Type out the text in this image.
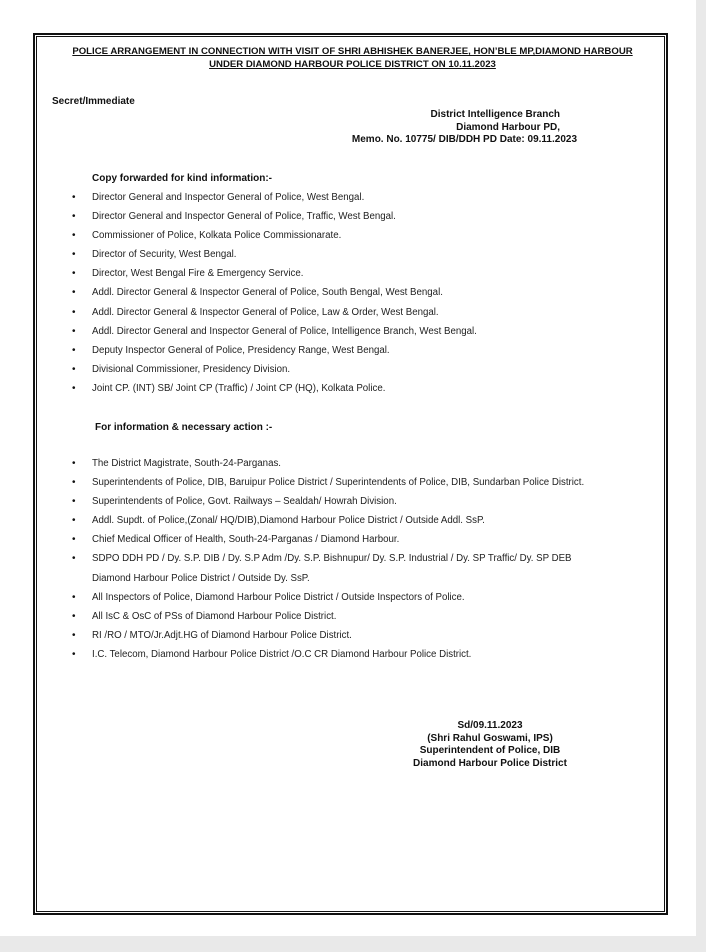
POLICE ARRANGEMENT IN CONNECTION WITH VISIT OF SHRI ABHISHEK BANERJEE, HON’BLE MP,DIAMOND HARBOUR
UNDER DIAMOND HARBOUR POLICE DISTRICT ON 10.11.2023
Secret/Immediate
District Intelligence Branch
Diamond Harbour PD,
Memo. No. 10775/ DIB/DDH PD Date: 09.11.2023
Copy forwarded for kind information:-
• Director General and Inspector General of Police, West Bengal.
• Director General and Inspector General of Police, Traffic, West Bengal.
• Commissioner of Police, Kolkata Police Commissionarate.
• Director of Security, West Bengal.
• Director, West Bengal Fire & Emergency Service.
• Addl. Director General & Inspector General of Police, South Bengal, West Bengal.
• Addl. Director General & Inspector General of Police, Law & Order, West Bengal.
• Addl. Director General and Inspector General of Police, Intelligence Branch, West Bengal.
• Deputy Inspector General of Police, Presidency Range, West Bengal.
• Divisional Commissioner, Presidency Division.
• Joint CP. (INT) SB/ Joint CP (Traffic) / Joint CP (HQ), Kolkata Police.
For information & necessary action :-
• The District Magistrate, South-24-Parganas.
• Superintendents of Police, DIB, Baruipur Police District / Superintendents of Police, DIB, Sundarban Police District.
• Superintendents of Police, Govt. Railways – Sealdah/ Howrah Division.
• Addl. Supdt. of Police,(Zonal/ HQ/DIB),Diamond Harbour Police District / Outside Addl. SsP.
• Chief Medical Officer of Health, South-24-Parganas / Diamond Harbour.
• SDPO DDH PD / Dy. S.P. DIB / Dy. S.P Adm /Dy. S.P. Bishnupur/ Dy. S.P. Industrial / Dy. SP Traffic/ Dy. SP DEB

Diamond Harbour Police District / Outside Dy. SsP.
• All Inspectors of Police, Diamond Harbour Police District / Outside Inspectors of Police.
• All IsC & OsC of PSs of Diamond Harbour Police District.
• RI /RO / MTO/Jr.Adjt.HG of Diamond Harbour Police District.
• I.C. Telecom, Diamond Harbour Police District /O.C CR Diamond Harbour Police District.
Sd/09.11.2023
(Shri Rahul Goswami, IPS)
Superintendent of Police, DIB
Diamond Harbour Police District
